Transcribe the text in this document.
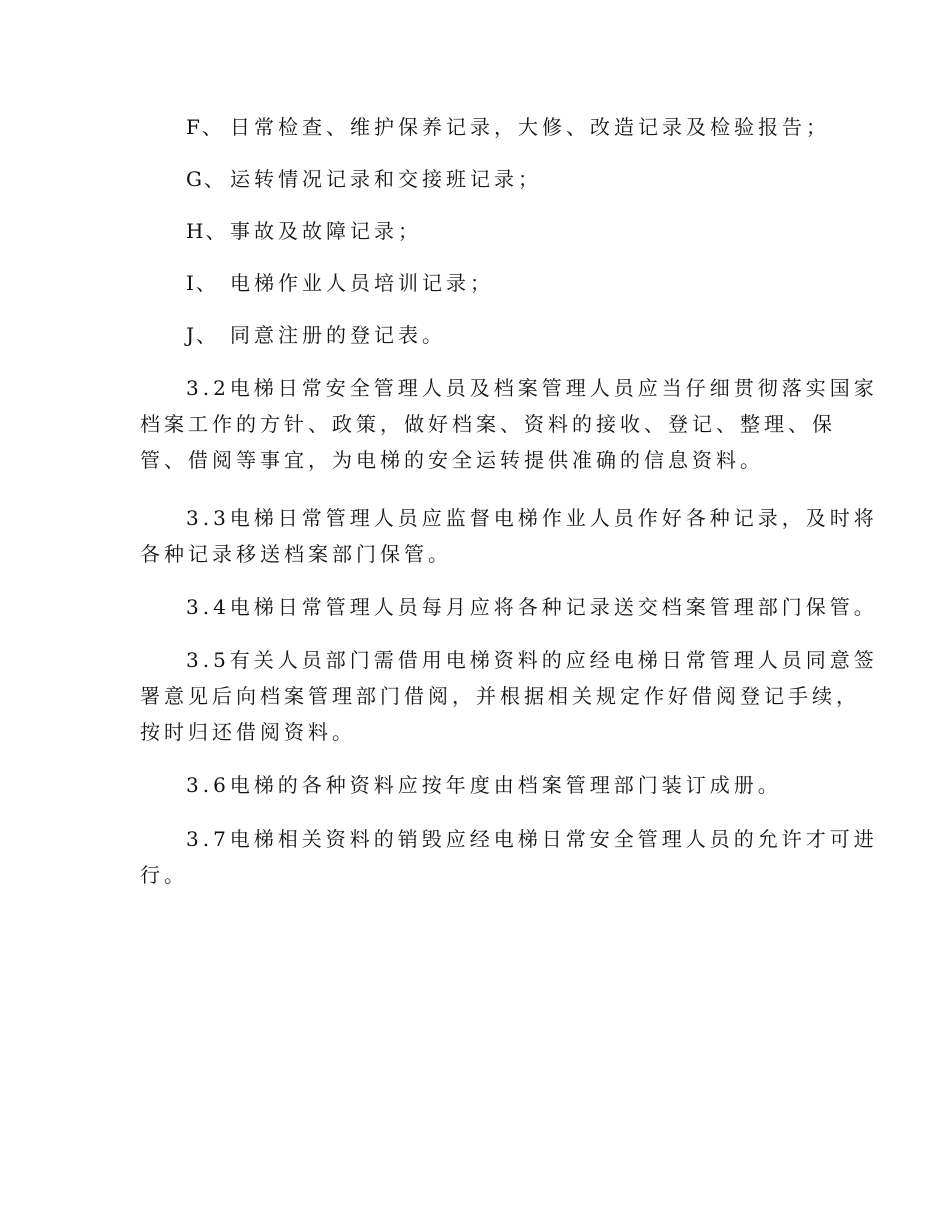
F、 日常检查、维护保养记录，大修、改造记录及检验报告；
G、 运转情况记录和交接班记录；
H、 事故及故障记录；
I、 电梯作业人员培训记录；
J、 同意注册的登记表。
3.2电梯日常安全管理人员及档案管理人员应当仔细贯彻落实国家
档案工作的方针、政策，做好档案、资料的接收、登记、整理、保
管、借阅等事宜，为电梯的安全运转提供准确的信息资料。
3.3电梯日常管理人员应监督电梯作业人员作好各种记录，及时将
各种记录移送档案部门保管。
3.4电梯日常管理人员每月应将各种记录送交档案管理部门保管。
3.5有关人员部门需借用电梯资料的应经电梯日常管理人员同意签
署意见后向档案管理部门借阅，并根据相关规定作好借阅登记手续，
按时归还借阅资料。
3.6电梯的各种资料应按年度由档案管理部门装订成册。
3.7电梯相关资料的销毁应经电梯日常安全管理人员的允许才可进
行。
